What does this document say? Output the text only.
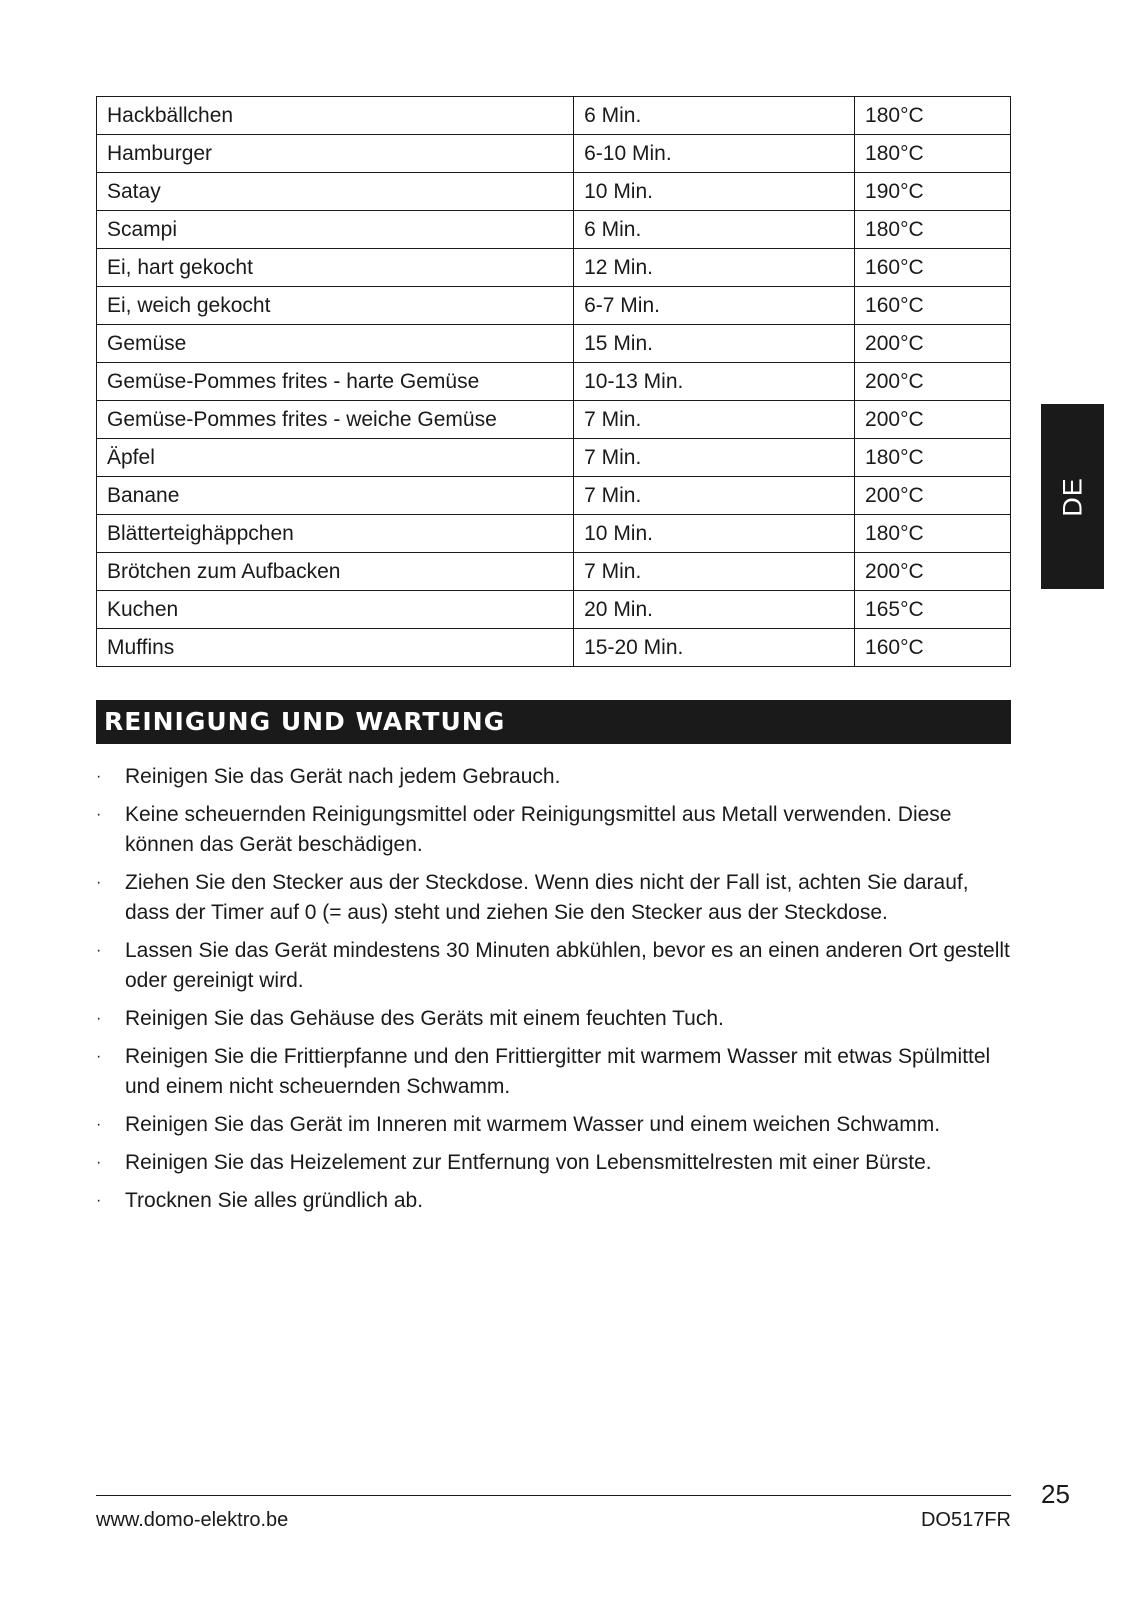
Hackbällchen	6 Min.	180°C
Hamburger	6-10 Min.	180°C
Satay	10 Min.	190°C
Scampi	6 Min.	180°C
Ei, hart gekocht	12 Min.	160°C
Ei, weich gekocht	6-7 Min.	160°C
Gemüse	15 Min.	200°C
Gemüse-Pommes frites - harte Gemüse	10-13 Min.	200°C
Gemüse-Pommes frites - weiche Gemüse	7 Min.	200°C
Äpfel	7 Min.	180°C
Banane	7 Min.	200°C
Blätterteighäppchen	10 Min.	180°C
Brötchen zum Aufbacken	7 Min.	200°C
Kuchen	20 Min.	165°C
Muffins	15-20 Min.	160°C
DE
REINIGUNG UND WARTUNG
· Reinigen Sie das Gerät nach jedem Gebrauch.
· Keine scheuernden Reinigungsmittel oder Reinigungsmittel aus Metall verwenden. Diese können das Gerät beschädigen.
· Ziehen Sie den Stecker aus der Steckdose. Wenn dies nicht der Fall ist, achten Sie darauf, dass der Timer auf 0 (= aus) steht und ziehen Sie den Stecker aus der Steckdose.
· Lassen Sie das Gerät mindestens 30 Minuten abkühlen, bevor es an einen anderen Ort gestellt oder gereinigt wird.
· Reinigen Sie das Gehäuse des Geräts mit einem feuchten Tuch.
· Reinigen Sie die Frittierpfanne und den Frittiergitter mit warmem Wasser mit etwas Spülmittel und einem nicht scheuernden Schwamm.
· Reinigen Sie das Gerät im Inneren mit warmem Wasser und einem weichen Schwamm.
· Reinigen Sie das Heizelement zur Entfernung von Lebensmittelresten mit einer Bürste.
· Trocknen Sie alles gründlich ab.
www.domo-elektro.be	DO517FR
25
